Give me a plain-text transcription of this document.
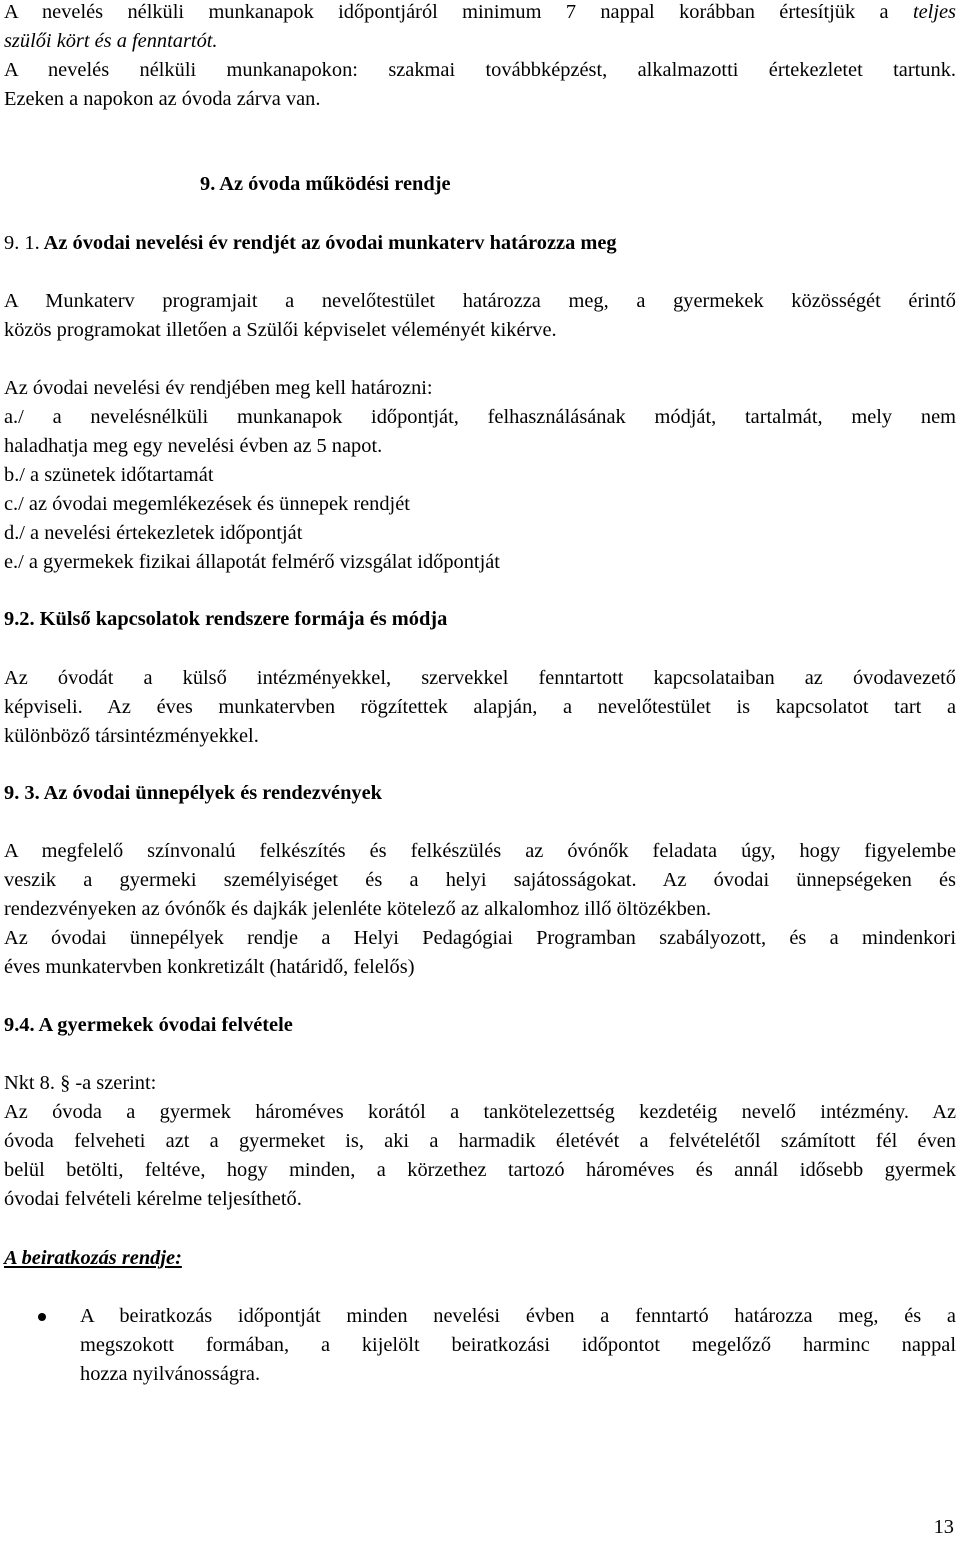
A nevelés nélküli munkanapok időpontjáról minimum 7 nappal korábban értesítjük a teljes
szülői kört és a fenntartót.
A nevelés nélküli munkanapokon: szakmai továbbképzést, alkalmazotti értekezletet tartunk.
Ezeken a napokon az óvoda zárva van.
9. Az óvoda működési rendje
9. 1. Az óvodai nevelési év rendjét az óvodai munkaterv határozza meg
A Munkaterv programjait a nevelőtestület határozza meg, a gyermekek közösségét érintő
közös programokat illetően a Szülői képviselet véleményét kikérve.
Az óvodai nevelési év rendjében meg kell határozni:
a./ a nevelésnélküli munkanapok időpontját, felhasználásának módját, tartalmát, mely nem
haladhatja meg egy nevelési évben az 5 napot.
b./ a szünetek időtartamát
c./ az óvodai megemlékezések és ünnepek rendjét
d./ a nevelési értekezletek időpontját
e./ a gyermekek fizikai állapotát felmérő vizsgálat időpontját
9.2. Külső kapcsolatok rendszere formája és módja
Az óvodát a külső intézményekkel, szervekkel fenntartott kapcsolataiban az óvodavezető
képviseli. Az éves munkatervben rögzítettek alapján, a nevelőtestület is kapcsolatot tart a
különböző társintézményekkel.
9. 3. Az óvodai ünnepélyek és rendezvények
A megfelelő színvonalú felkészítés és felkészülés az óvónők feladata úgy, hogy figyelembe
veszik a gyermeki személyiséget és a helyi sajátosságokat. Az óvodai ünnepségeken és
rendezvényeken az óvónők és dajkák jelenléte kötelező az alkalomhoz illő öltözékben.
Az óvodai ünnepélyek rendje a Helyi Pedagógiai Programban szabályozott, és a mindenkori
éves munkatervben konkretizált (határidő, felelős)
9.4. A gyermekek óvodai felvétele
Nkt 8. § -a szerint:
Az óvoda a gyermek hároméves korától a tankötelezettség kezdetéig nevelő intézmény. Az
óvoda felveheti azt a gyermeket is, aki a harmadik életévét a felvételétől számított fél éven
belül betölti, feltéve, hogy minden, a körzethez tartozó hároméves és annál idősebb gyermek
óvodai felvételi kérelme teljesíthető.
A beiratkozás rendje:
A beiratkozás időpontját minden nevelési évben a fenntartó határozza meg, és a
megszokott formában, a kijelölt beiratkozási időpontot megelőző harminc nappal
hozza nyilvánosságra.
13
